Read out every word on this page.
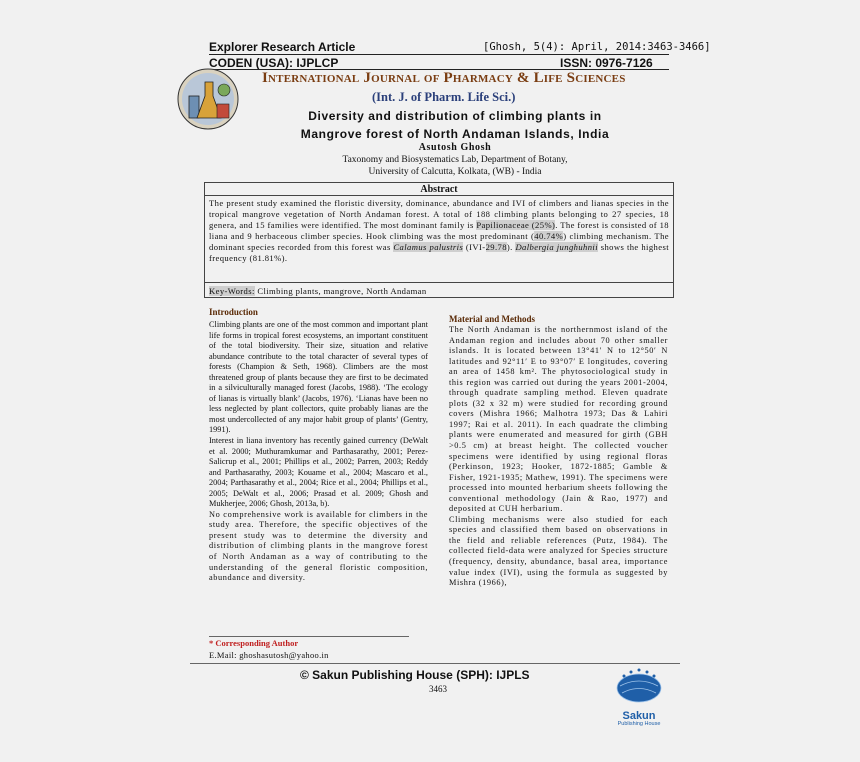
Explorer Research Article	[Ghosh, 5(4): April, 2014:3463-3466]
CODEN (USA): IJPLCP	ISSN: 0976-7126
International Journal of Pharmacy & Life Sciences
(Int. J. of Pharm. Life Sci.)
Diversity and distribution of climbing plants in
Mangrove forest of North Andaman Islands, India
Asutosh Ghosh
Taxonomy and Biosystematics Lab, Department of Botany,
University of Calcutta, Kolkata, (WB) - India
Abstract
The present study examined the floristic diversity, dominance, abundance and IVI of climbers and lianas species in the tropical mangrove vegetation of North Andaman forest. A total of 188 climbing plants belonging to 27 species, 18 genera, and 15 families were identified. The most dominant family is Papilionaceae (25%). The forest is consisted of 18 liana and 9 herbaceous climber species. Hook climbing was the most predominant (40.74%) climbing mechanism. The dominant species recorded from this forest was Calamus palustris (IVI-29.78). Dalbergia junghuhnii shows the highest frequency (81.81%).
Key-Words: Climbing plants, mangrove, North Andaman
Introduction

Climbing plants are one of the most common and important plant life forms in tropical forest ecosystems, an important constituent of the total biodiversity. Their size, situation and relative abundance contribute to the total character of several types of forests (Champion & Seth, 1968). Climbers are the most threatened group of plants because they are first to be decimated in a silviculturally managed forest (Jacobs, 1988). ‘The ecology of lianas is virtually blank’ (Jacobs, 1976). ‘Lianas have been no less neglected by plant collectors, quite probably lianas are the most undercollected of any major habit group of plants’ (Gentry, 1991).

Interest in liana inventory has recently gained currency (DeWalt et al. 2000; Muthuramkumar and Parthasarathy, 2001; Perez- Salicrup et al., 2001; Phillips et al., 2002; Parren, 2003; Reddy and Parthasarathy, 2003; Kouame et al., 2004; Mascaro et al., 2004; Parthasarathy et al., 2004; Rice et al., 2004; Phillips et al., 2005; DeWalt et al., 2006; Prasad et al. 2009; Ghosh and Mukherjee, 2006; Ghosh, 2013a, b).

No comprehensive work is available for climbers in the study area. Therefore, the specific objectives of the present study was to determine the diversity and distribution of climbing plants in the mangrove forest of North Andaman as a way of contributing to the understanding of the general floristic composition, abundance and diversity.

* Corresponding Author
E.Mail: ghoshasutosh@yahoo.in
Material and Methods

The North Andaman is the northernmost island of the Andaman region and includes about 70 other smaller islands. It is located between 13°41′ N to 12°50′ N latitudes and 92°11′ E to 93°07′ E longitudes, covering an area of 1458 km². The phytosociological study in this region was carried out during the years 2001-2004, through quadrate sampling method. Eleven quadrate plots (32 x 32 m) were studied for recording ground covers (Mishra 1966; Malhotra 1973; Das & Lahiri 1997; Rai et al. 2011). In each quadrate the climbing plants were enumerated and measured for girth (GBH >0.5 cm) at breast height. The collected voucher specimens were identified by using regional floras (Perkinson, 1923; Hooker, 1872-1885; Gamble & Fisher, 1921-1935; Mathew, 1991). The specimens were processed into mounted herbarium sheets following the conventional methodology (Jain & Rao, 1977) and deposited at CUH herbarium.

Climbing mechanisms were also studied for each species and classified them based on observations in the field and reliable references (Putz, 1984). The collected field-data were analyzed for Species structure (frequency, density, abundance, basal area, importance value index (IVI), using the formula as suggested by Mishra (1966),

© Sakun Publishing House (SPH): IJPLS
3463
Sakun
Publishing House
